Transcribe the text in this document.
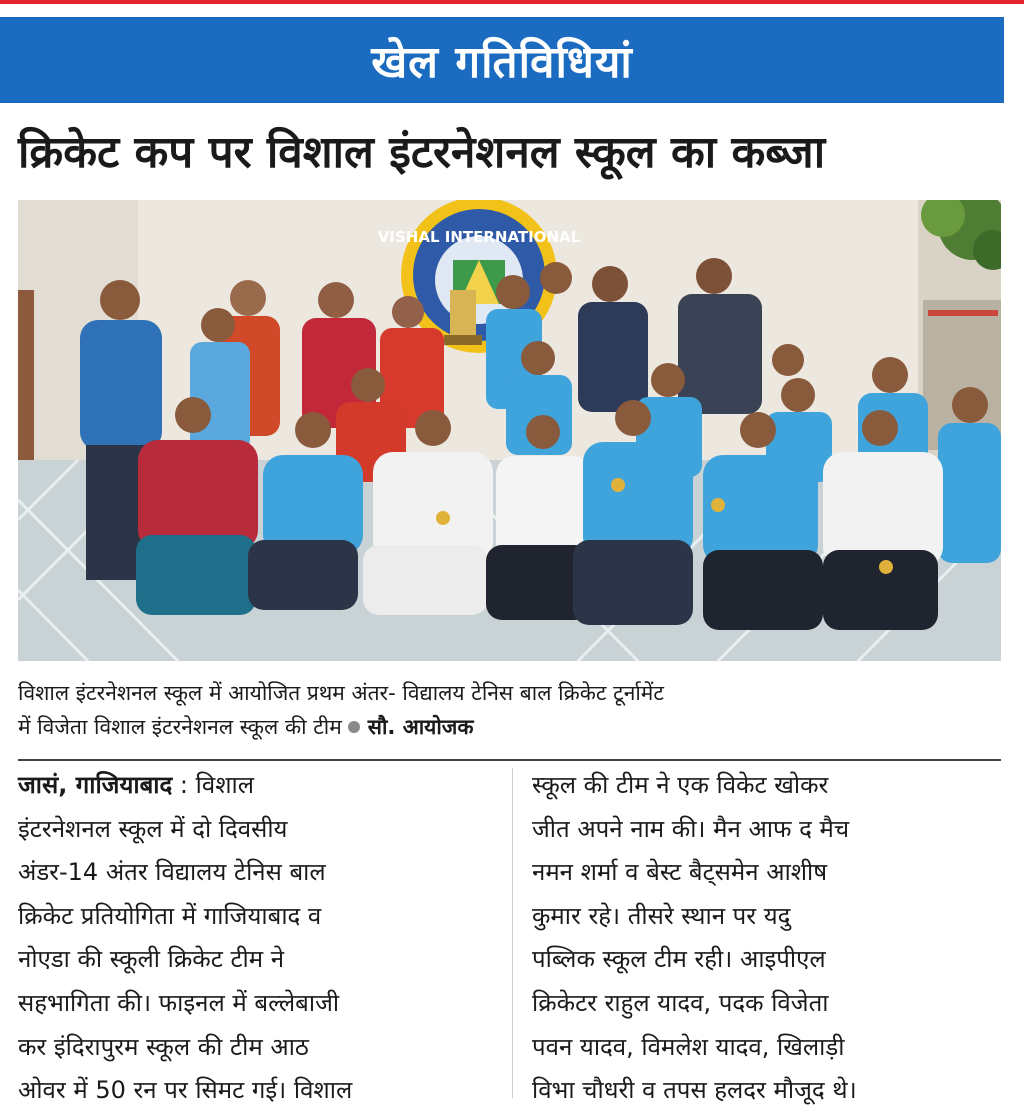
खेल गतिविधियां
क्रिकेट कप पर विशाल इंटरनेशनल स्कूल का कब्जा
VISHAL INTERNATIONAL
विशाल इंटरनेशनल स्कूल में आयोजित प्रथम अंतर- विद्यालय टेनिस बाल क्रिकेट टूर्नामेंट
में विजेता विशाल इंटरनेशनल स्कूल की टीम सौ. आयोजक
जासं, गाजियाबाद : विशाल
इंटरनेशनल स्कूल में दो दिवसीय
अंडर-14 अंतर विद्यालय टेनिस बाल
क्रिकेट प्रतियोगिता में गाजियाबाद व
नोएडा की स्कूली क्रिकेट टीम ने
सहभागिता की। फाइनल में बल्लेबाजी
कर इंदिरापुरम स्कूल की टीम आठ
ओवर में 50 रन पर सिमट गई। विशाल
स्कूल की टीम ने एक विकेट खोकर
जीत अपने नाम की। मैन आफ द मैच
नमन शर्मा व बेस्ट बैट्समेन आशीष
कुमार रहे। तीसरे स्थान पर यदु
पब्लिक स्कूल टीम रही। आइपीएल
क्रिकेटर राहुल यादव, पदक विजेता
पवन यादव, विमलेश यादव, खिलाड़ी
विभा चौधरी व तपस हलदर मौजूद थे।
